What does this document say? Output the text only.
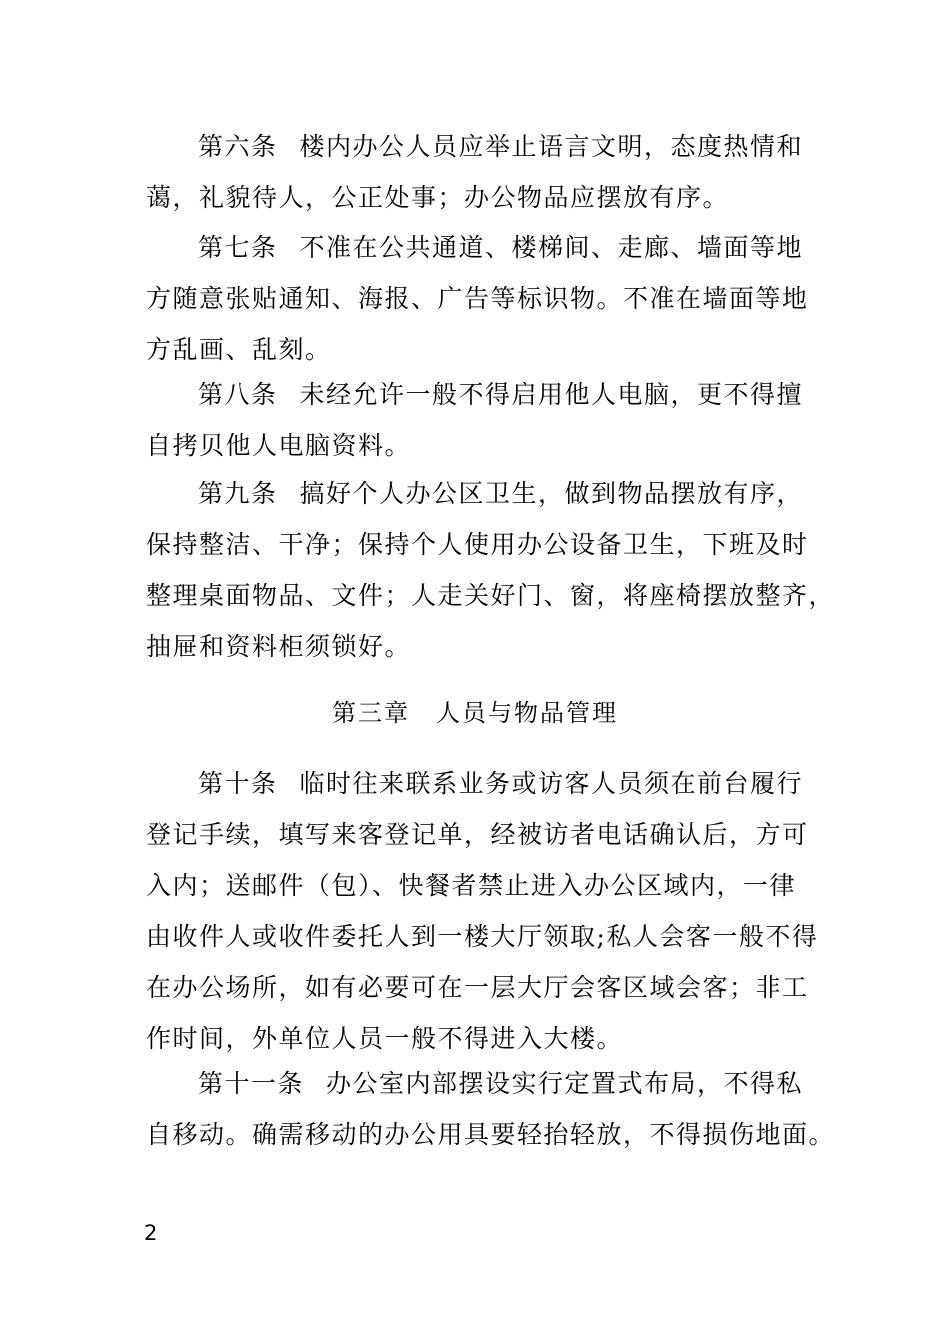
第六条 楼内办公人员应举止语言文明，态度热情和
蔼，礼貌待人，公正处事；办公物品应摆放有序。
第七条 不准在公共通道、楼梯间、走廊、墙面等地
方随意张贴通知、海报、广告等标识物。不准在墙面等地
方乱画、乱刻。
第八条 未经允许一般不得启用他人电脑，更不得擅
自拷贝他人电脑资料。
第九条 搞好个人办公区卫生，做到物品摆放有序，
保持整洁、干净；保持个人使用办公设备卫生，下班及时
整理桌面物品、文件；人走关好门、窗，将座椅摆放整齐，
抽屉和资料柜须锁好。
第三章 人员与物品管理
第十条 临时往来联系业务或访客人员须在前台履行
登记手续，填写来客登记单，经被访者电话确认后，方可
入内；送邮件（包）、快餐者禁止进入办公区域内，一律
由收件人或收件委托人到一楼大厅领取;私人会客一般不得
在办公场所，如有必要可在一层大厅会客区域会客；非工
作时间，外单位人员一般不得进入大楼。
第十一条 办公室内部摆设实行定置式布局，不得私
自移动。确需移动的办公用具要轻抬轻放，不得损伤地面。
2
